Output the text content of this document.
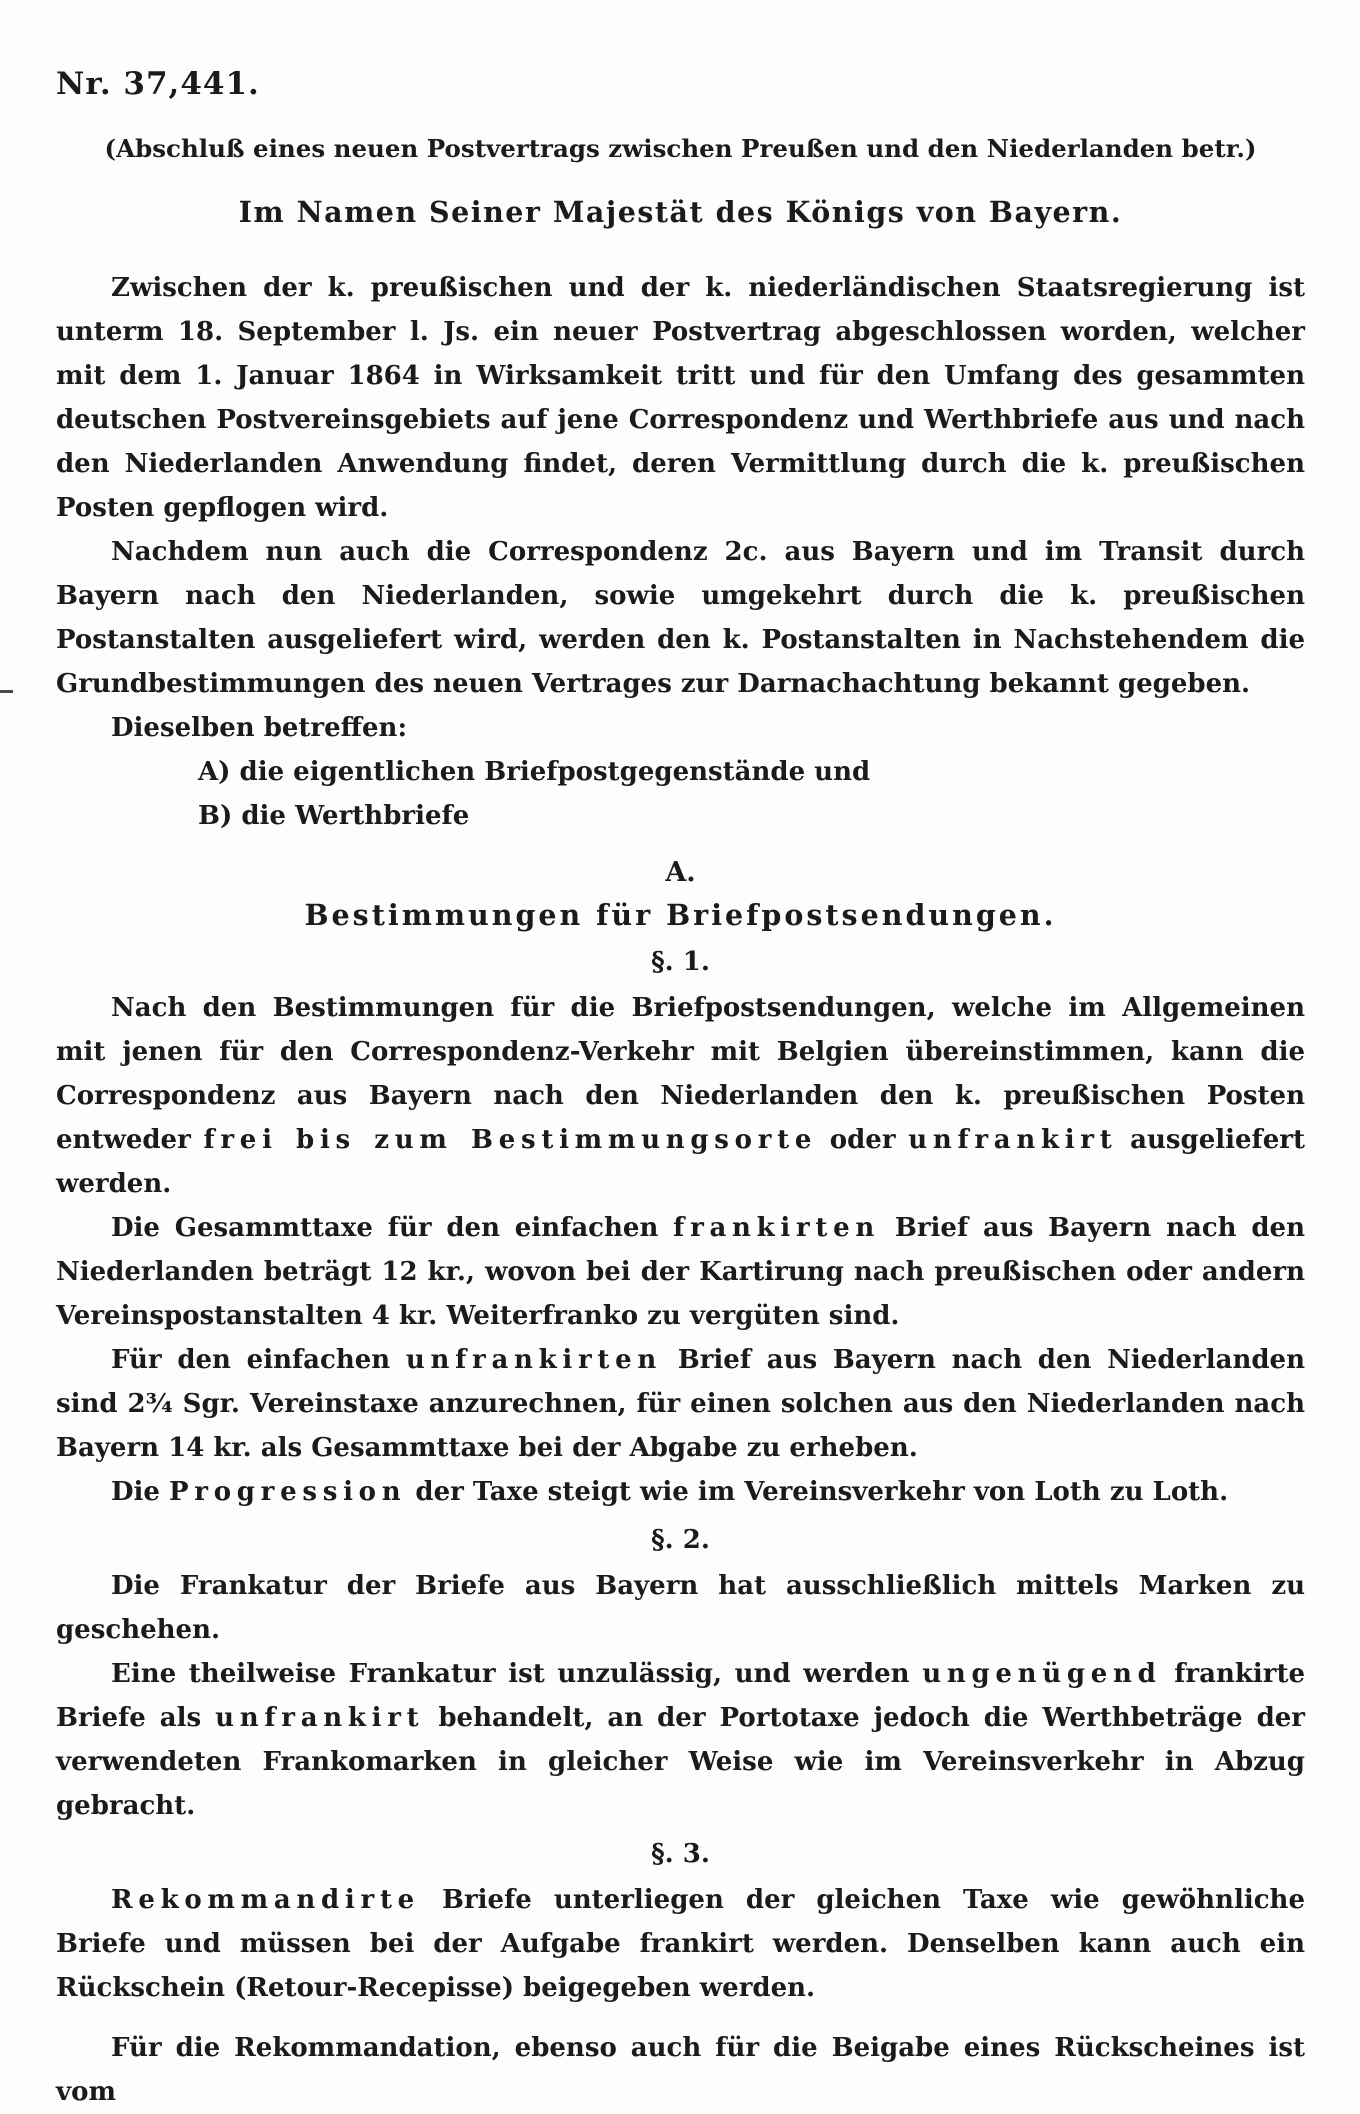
Nr. 37,441.
(Abschluß eines neuen Postvertrags zwischen Preußen und den Niederlanden betr.)
Im Namen Seiner Majestät des Königs von Bayern.

Zwischen der k. preußischen und der k. niederländischen Staatsregierung ist unterm 18. September l. Js. ein neuer Postvertrag abgeschlossen worden, welcher mit dem 1. Januar 1864 in Wirksamkeit tritt und für den Umfang des gesammten deutschen Postvereinsgebiets auf jene Correspondenz und Werthbriefe aus und nach den Niederlanden Anwendung findet, deren Vermittlung durch die k. preußischen Posten gepflogen wird.

Nachdem nun auch die Correspondenz 2c. aus Bayern und im Transit durch Bayern nach den Niederlanden, sowie umgekehrt durch die k. preußischen Postanstalten ausgeliefert wird, werden den k. Postanstalten in Nachstehendem die Grundbestimmungen des neuen Vertrages zur Darnachachtung bekannt gegeben.

Dieselben betreffen:

A) die eigentlichen Briefpostgegenstände und

B) die Werthbriefe

A.
Bestimmungen für Briefpostsendungen.
§. 1.

Nach den Bestimmungen für die Briefpostsendungen, welche im Allgemeinen mit jenen für den Correspondenz-Verkehr mit Belgien übereinstimmen, kann die Correspondenz aus Bayern nach den Niederlanden den k. preußischen Posten entweder frei bis zum Bestimmungsorte oder unfrankirt ausgeliefert werden.

Die Gesammttaxe für den einfachen frankirten Brief aus Bayern nach den Niederlanden beträgt 12 kr., wovon bei der Kartirung nach preußischen oder andern Vereinspostanstalten 4 kr. Weiterfranko zu vergüten sind.

Für den einfachen unfrankirten Brief aus Bayern nach den Niederlanden sind 2¾ Sgr. Vereinstaxe anzurechnen, für einen solchen aus den Niederlanden nach Bayern 14 kr. als Gesammttaxe bei der Abgabe zu erheben.

Die Progression der Taxe steigt wie im Vereinsverkehr von Loth zu Loth.

§. 2.

Die Frankatur der Briefe aus Bayern hat ausschließlich mittels Marken zu geschehen.

Eine theilweise Frankatur ist unzulässig, und werden ungenügend frankirte Briefe als unfrankirt behandelt, an der Portotaxe jedoch die Werthbeträge der verwendeten Frankomarken in gleicher Weise wie im Vereinsverkehr in Abzug gebracht.

§. 3.

Rekommandirte Briefe unterliegen der gleichen Taxe wie gewöhnliche Briefe und müssen bei der Aufgabe frankirt werden. Denselben kann auch ein Rückschein (Retour-Recepisse) beigegeben werden.

Für die Rekommandation, ebenso auch für die Beigabe eines Rückscheines ist vom
